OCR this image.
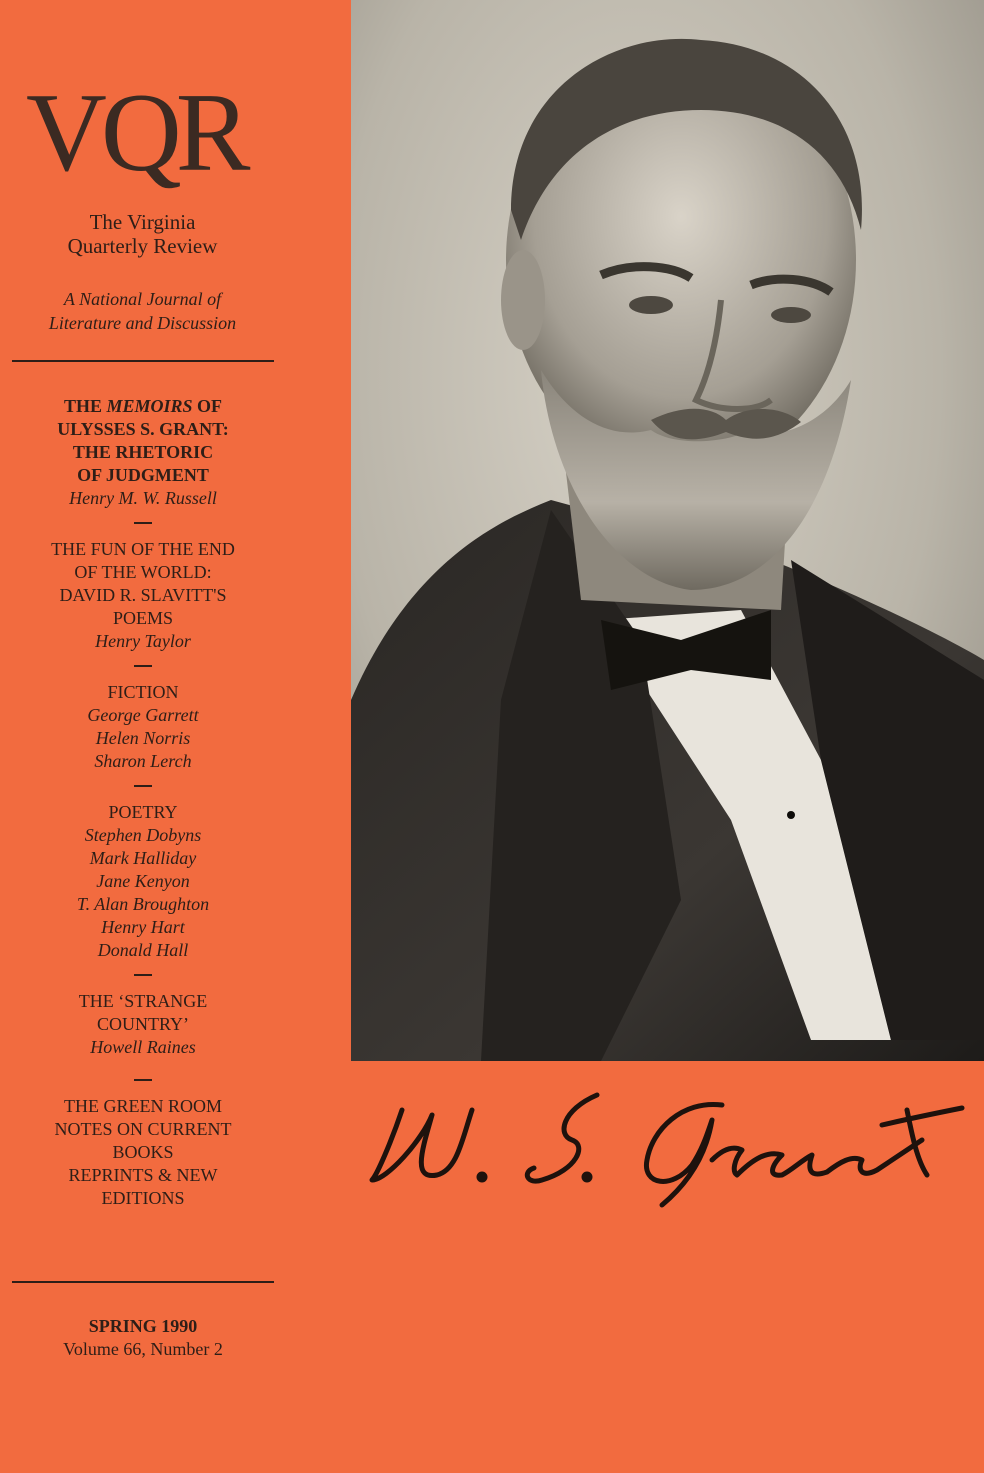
VQR
The Virginia
Quarterly Review
A National Journal of
Literature and Discussion
THE MEMOIRS OF
ULYSSES S. GRANT:
THE RHETORIC
OF JUDGMENT
Henry M. W. Russell
THE FUN OF THE END
OF THE WORLD:
DAVID R. SLAVITT'S
POEMS
Henry Taylor
FICTION
George Garrett
Helen Norris
Sharon Lerch
POETRY
Stephen Dobyns
Mark Halliday
Jane Kenyon
T. Alan Broughton
Henry Hart
Donald Hall
THE ‘STRANGE
COUNTRY’
Howell Raines
THE GREEN ROOM
NOTES ON CURRENT
BOOKS
REPRINTS & NEW
EDITIONS
SPRING 1990
Volume 66, Number 2
